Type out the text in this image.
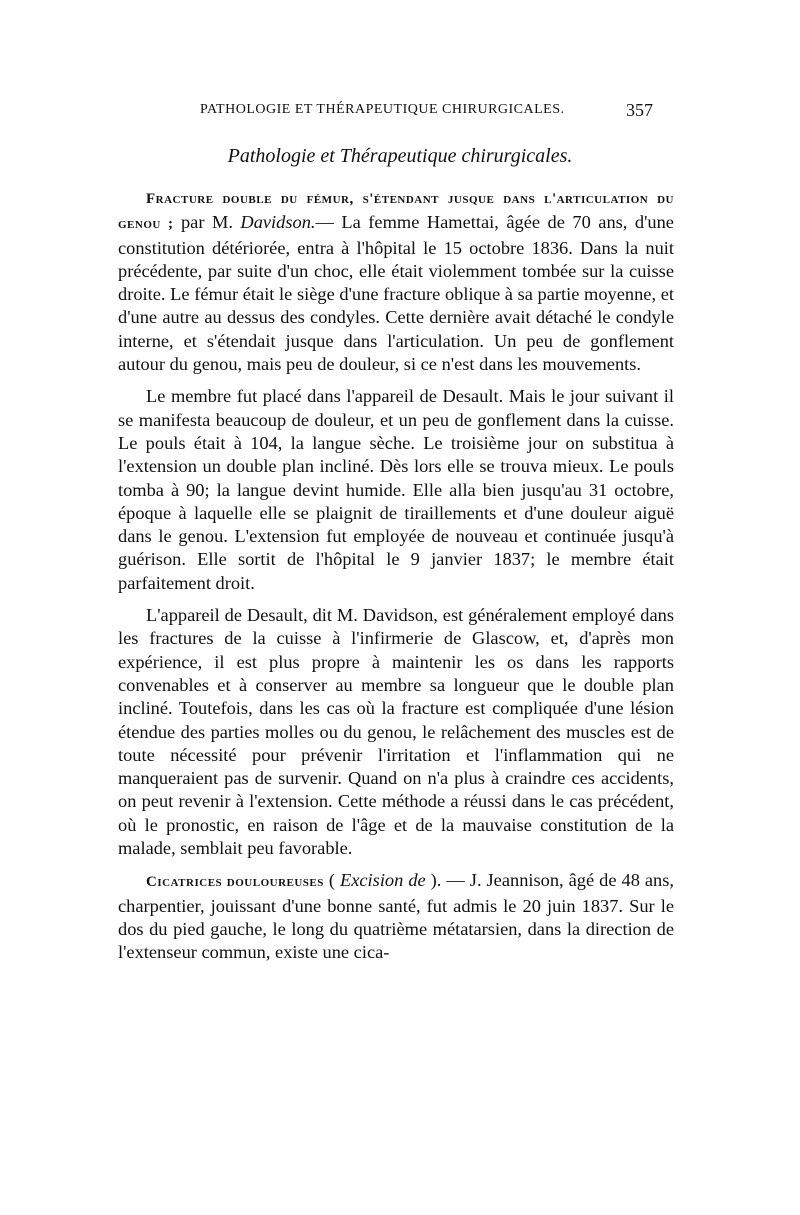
PATHOLOGIE ET THÉRAPEUTIQUE CHIRURGICALES.	357
Pathologie et Thérapeutique chirurgicales.

Fracture double du fémur, s'étendant jusque dans l'articulation du genou ; par M. Davidson.— La femme Hamettai, âgée de 70 ans, d'une constitution détériorée, entra à l'hôpital le 15 octobre 1836. Dans la nuit précédente, par suite d'un choc, elle était violemment tombée sur la cuisse droite. Le fémur était le siège d'une fracture oblique à sa partie moyenne, et d'une autre au dessus des condyles. Cette dernière avait détaché le condyle interne, et s'étendait jusque dans l'articulation. Un peu de gonflement autour du genou, mais peu de douleur, si ce n'est dans les mouvements.

Le membre fut placé dans l'appareil de Desault. Mais le jour suivant il se manifesta beaucoup de douleur, et un peu de gonflement dans la cuisse. Le pouls était à 104, la langue sèche. Le troisième jour on substitua à l'extension un double plan incliné. Dès lors elle se trouva mieux. Le pouls tomba à 90; la langue devint humide. Elle alla bien jusqu'au 31 octobre, époque à laquelle elle se plaignit de tiraillements et d'une douleur aiguë dans le genou. L'extension fut employée de nouveau et continuée jusqu'à guérison. Elle sortit de l'hôpital le 9 janvier 1837; le membre était parfaitement droit.

L'appareil de Desault, dit M. Davidson, est généralement employé dans les fractures de la cuisse à l'infirmerie de Glascow, et, d'après mon expérience, il est plus propre à maintenir les os dans les rapports convenables et à conserver au membre sa longueur que le double plan incliné. Toutefois, dans les cas où la fracture est compliquée d'une lésion étendue des parties molles ou du genou, le relâchement des muscles est de toute nécessité pour prévenir l'irritation et l'inflammation qui ne manqueraient pas de survenir. Quand on n'a plus à craindre ces accidents, on peut revenir à l'extension. Cette méthode a réussi dans le cas précédent, où le pronostic, en raison de l'âge et de la mauvaise constitution de la malade, semblait peu favorable.

Cicatrices douloureuses ( Excision de ). — J. Jeannison, âgé de 48 ans, charpentier, jouissant d'une bonne santé, fut admis le 20 juin 1837. Sur le dos du pied gauche, le long du quatrième métatarsien, dans la direction de l'extenseur commun, existe une cica-
